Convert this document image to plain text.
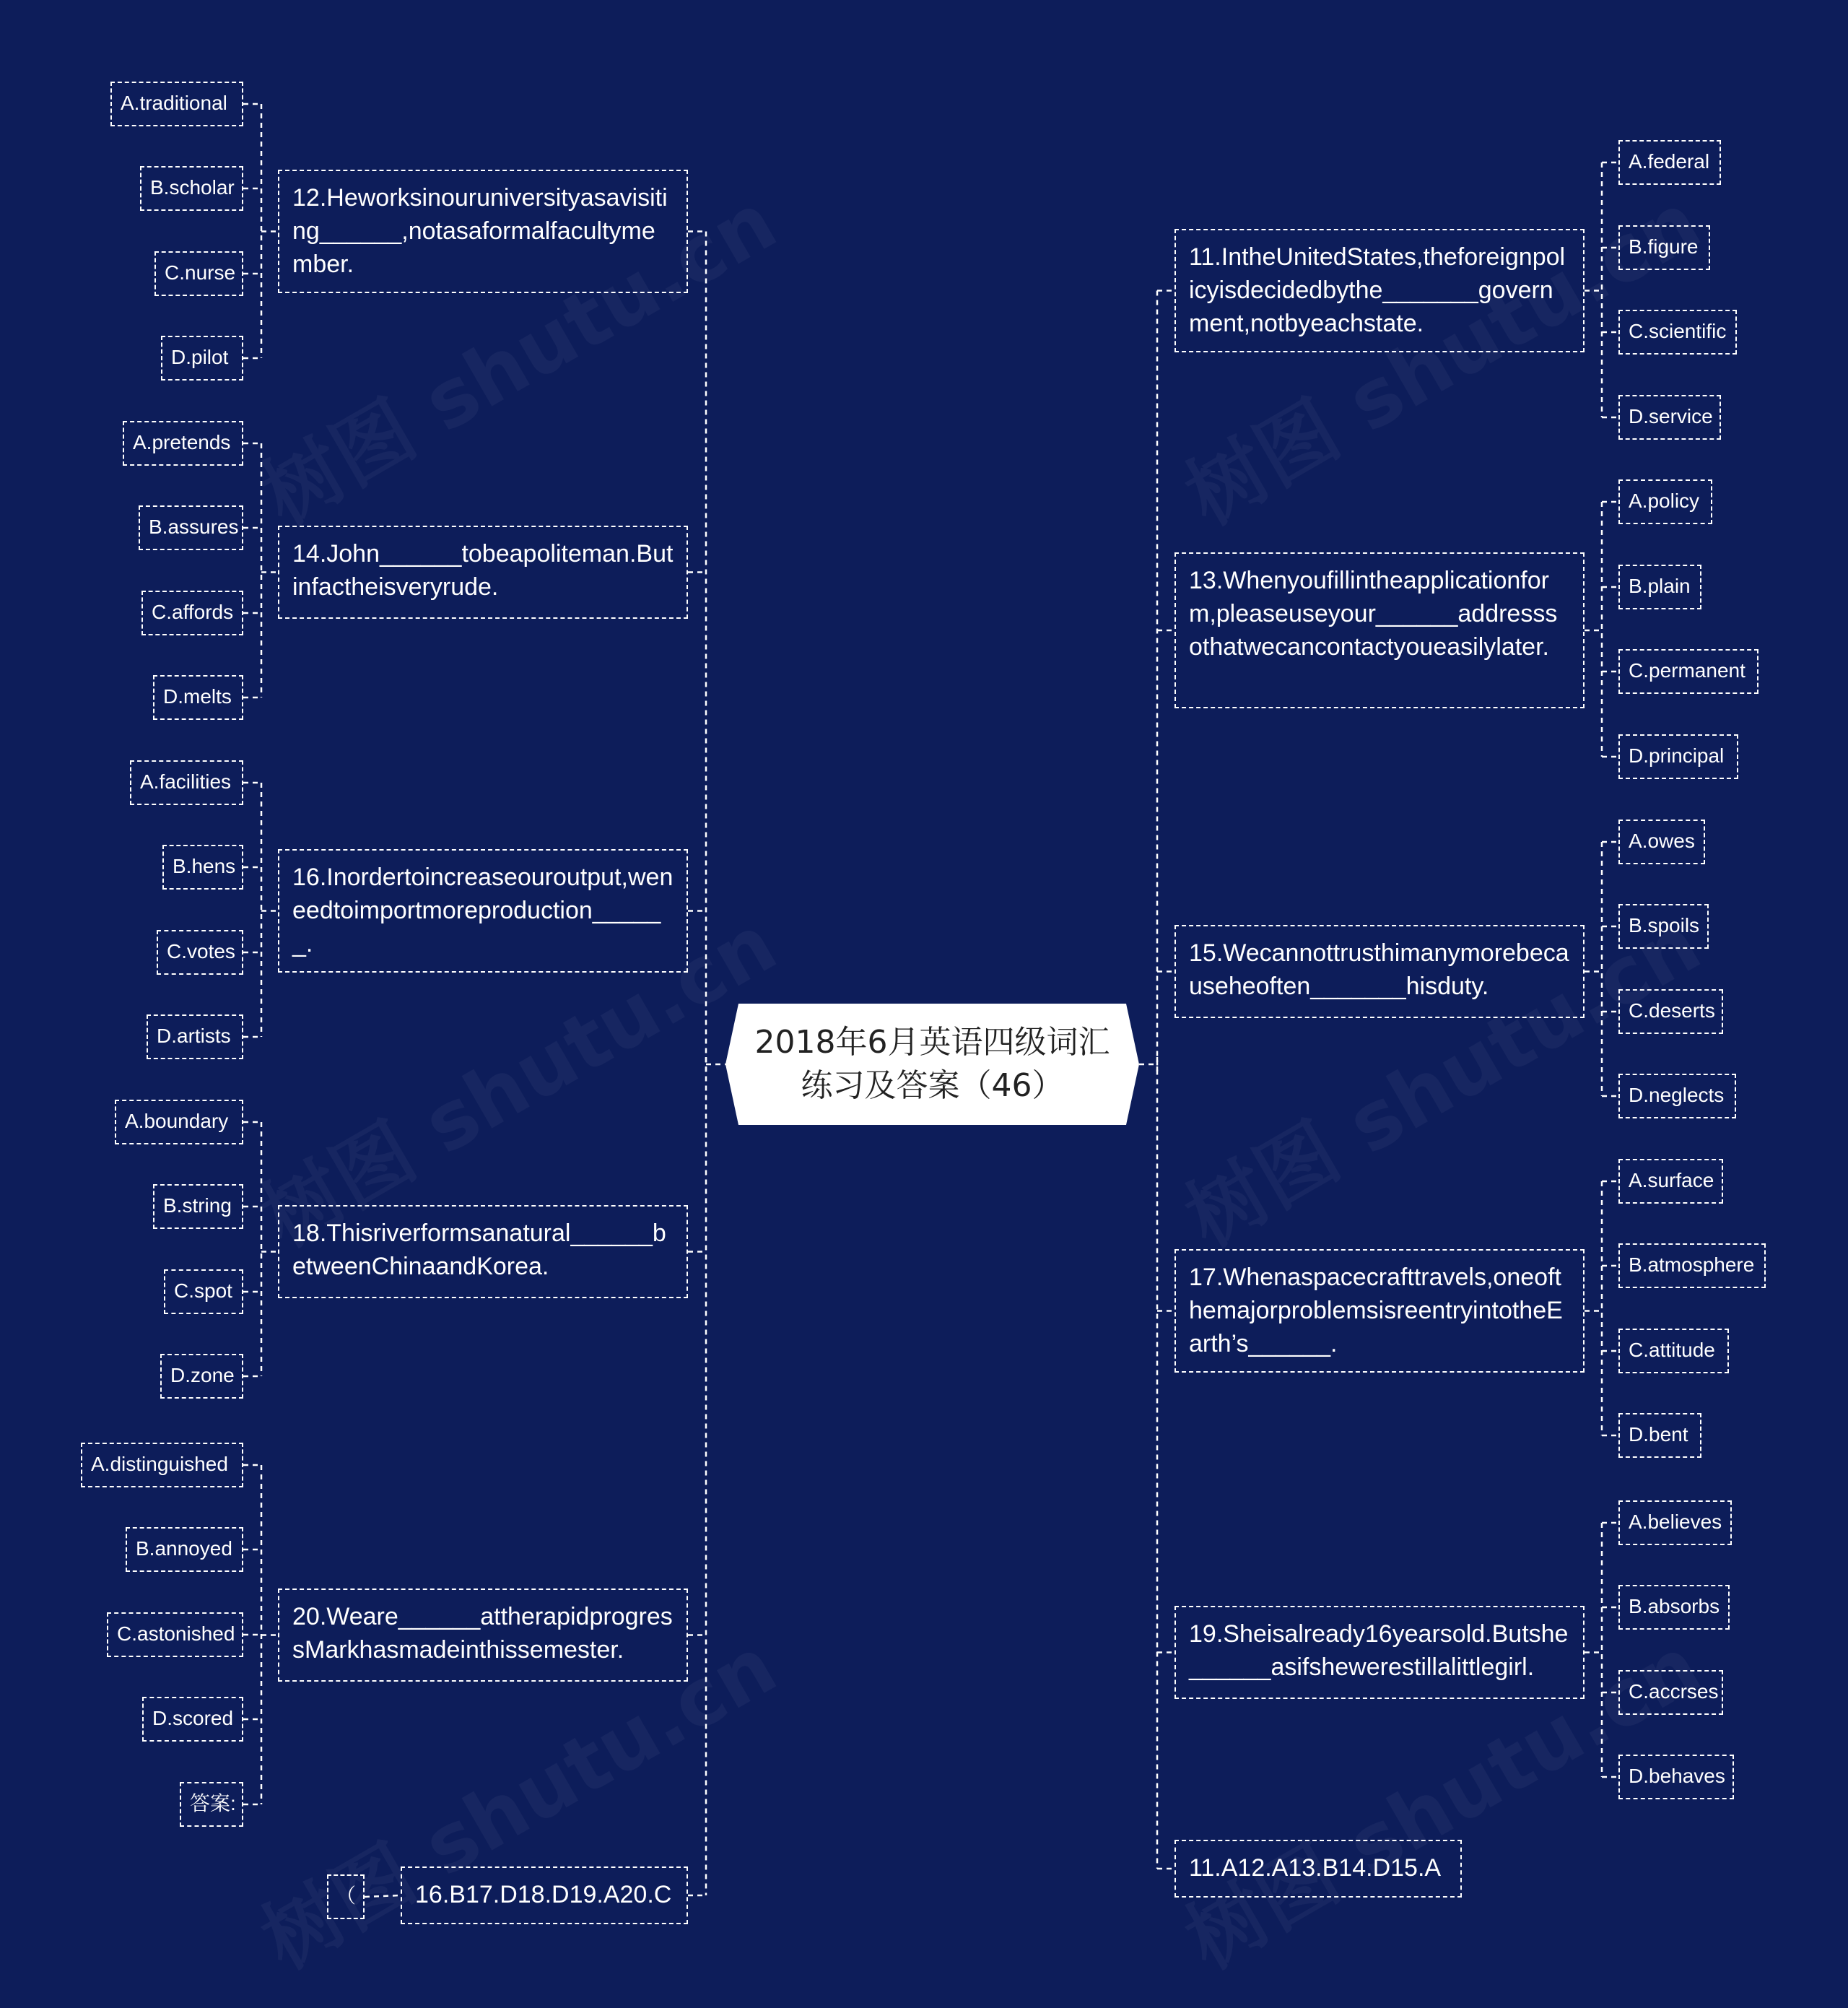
2018年6月英语四级词汇
练习及答案（46）
12.Heworksinouruniversityasavisiting______,notasaformalfacultymember.
14.John______tobeapoliteman.Butinfactheisveryrude.
16.Inordertoincreaseouroutput,weneedtoimportmoreproduction______.
18.Thisriverformsanatural______betweenChinaandKorea.
20.Weare______attherapidprogressMarkhasmadeinthissemester.
16.B17.D18.D19.A20.C
（
A.traditional
B.scholar
C.nurse
D.pilot
A.pretends
B.assures
C.affords
D.melts
A.facilities
B.hens
C.votes
D.artists
A.boundary
B.string
C.spot
D.zone
A.distinguished
B.annoyed
C.astonished
D.scored
答案:
11.IntheUnitedStates,theforeignpolicyisdecidedbythe_______government,notbyeachstate.
13.Whenyoufillintheapplicationform,pleaseuseyour______addresssothatwecancontactyoueasilylater.
15.Wecannottrusthimanymorebecauseheoften_______hisduty.
17.Whenaspacecrafttravels,oneofthemajorproblemsisreentryintotheEarth’s______.
19.Sheisalready16yearsold.Butshe______asifshewerestillalittlegirl.
11.A12.A13.B14.D15.A
A.federal
B.figure
C.scientific
D.service
A.policy
B.plain
C.permanent
D.principal
A.owes
B.spoils
C.deserts
D.neglects
A.surface
B.atmosphere
C.attitude
D.bent
A.believes
B.absorbs
C.accrses
D.behaves
